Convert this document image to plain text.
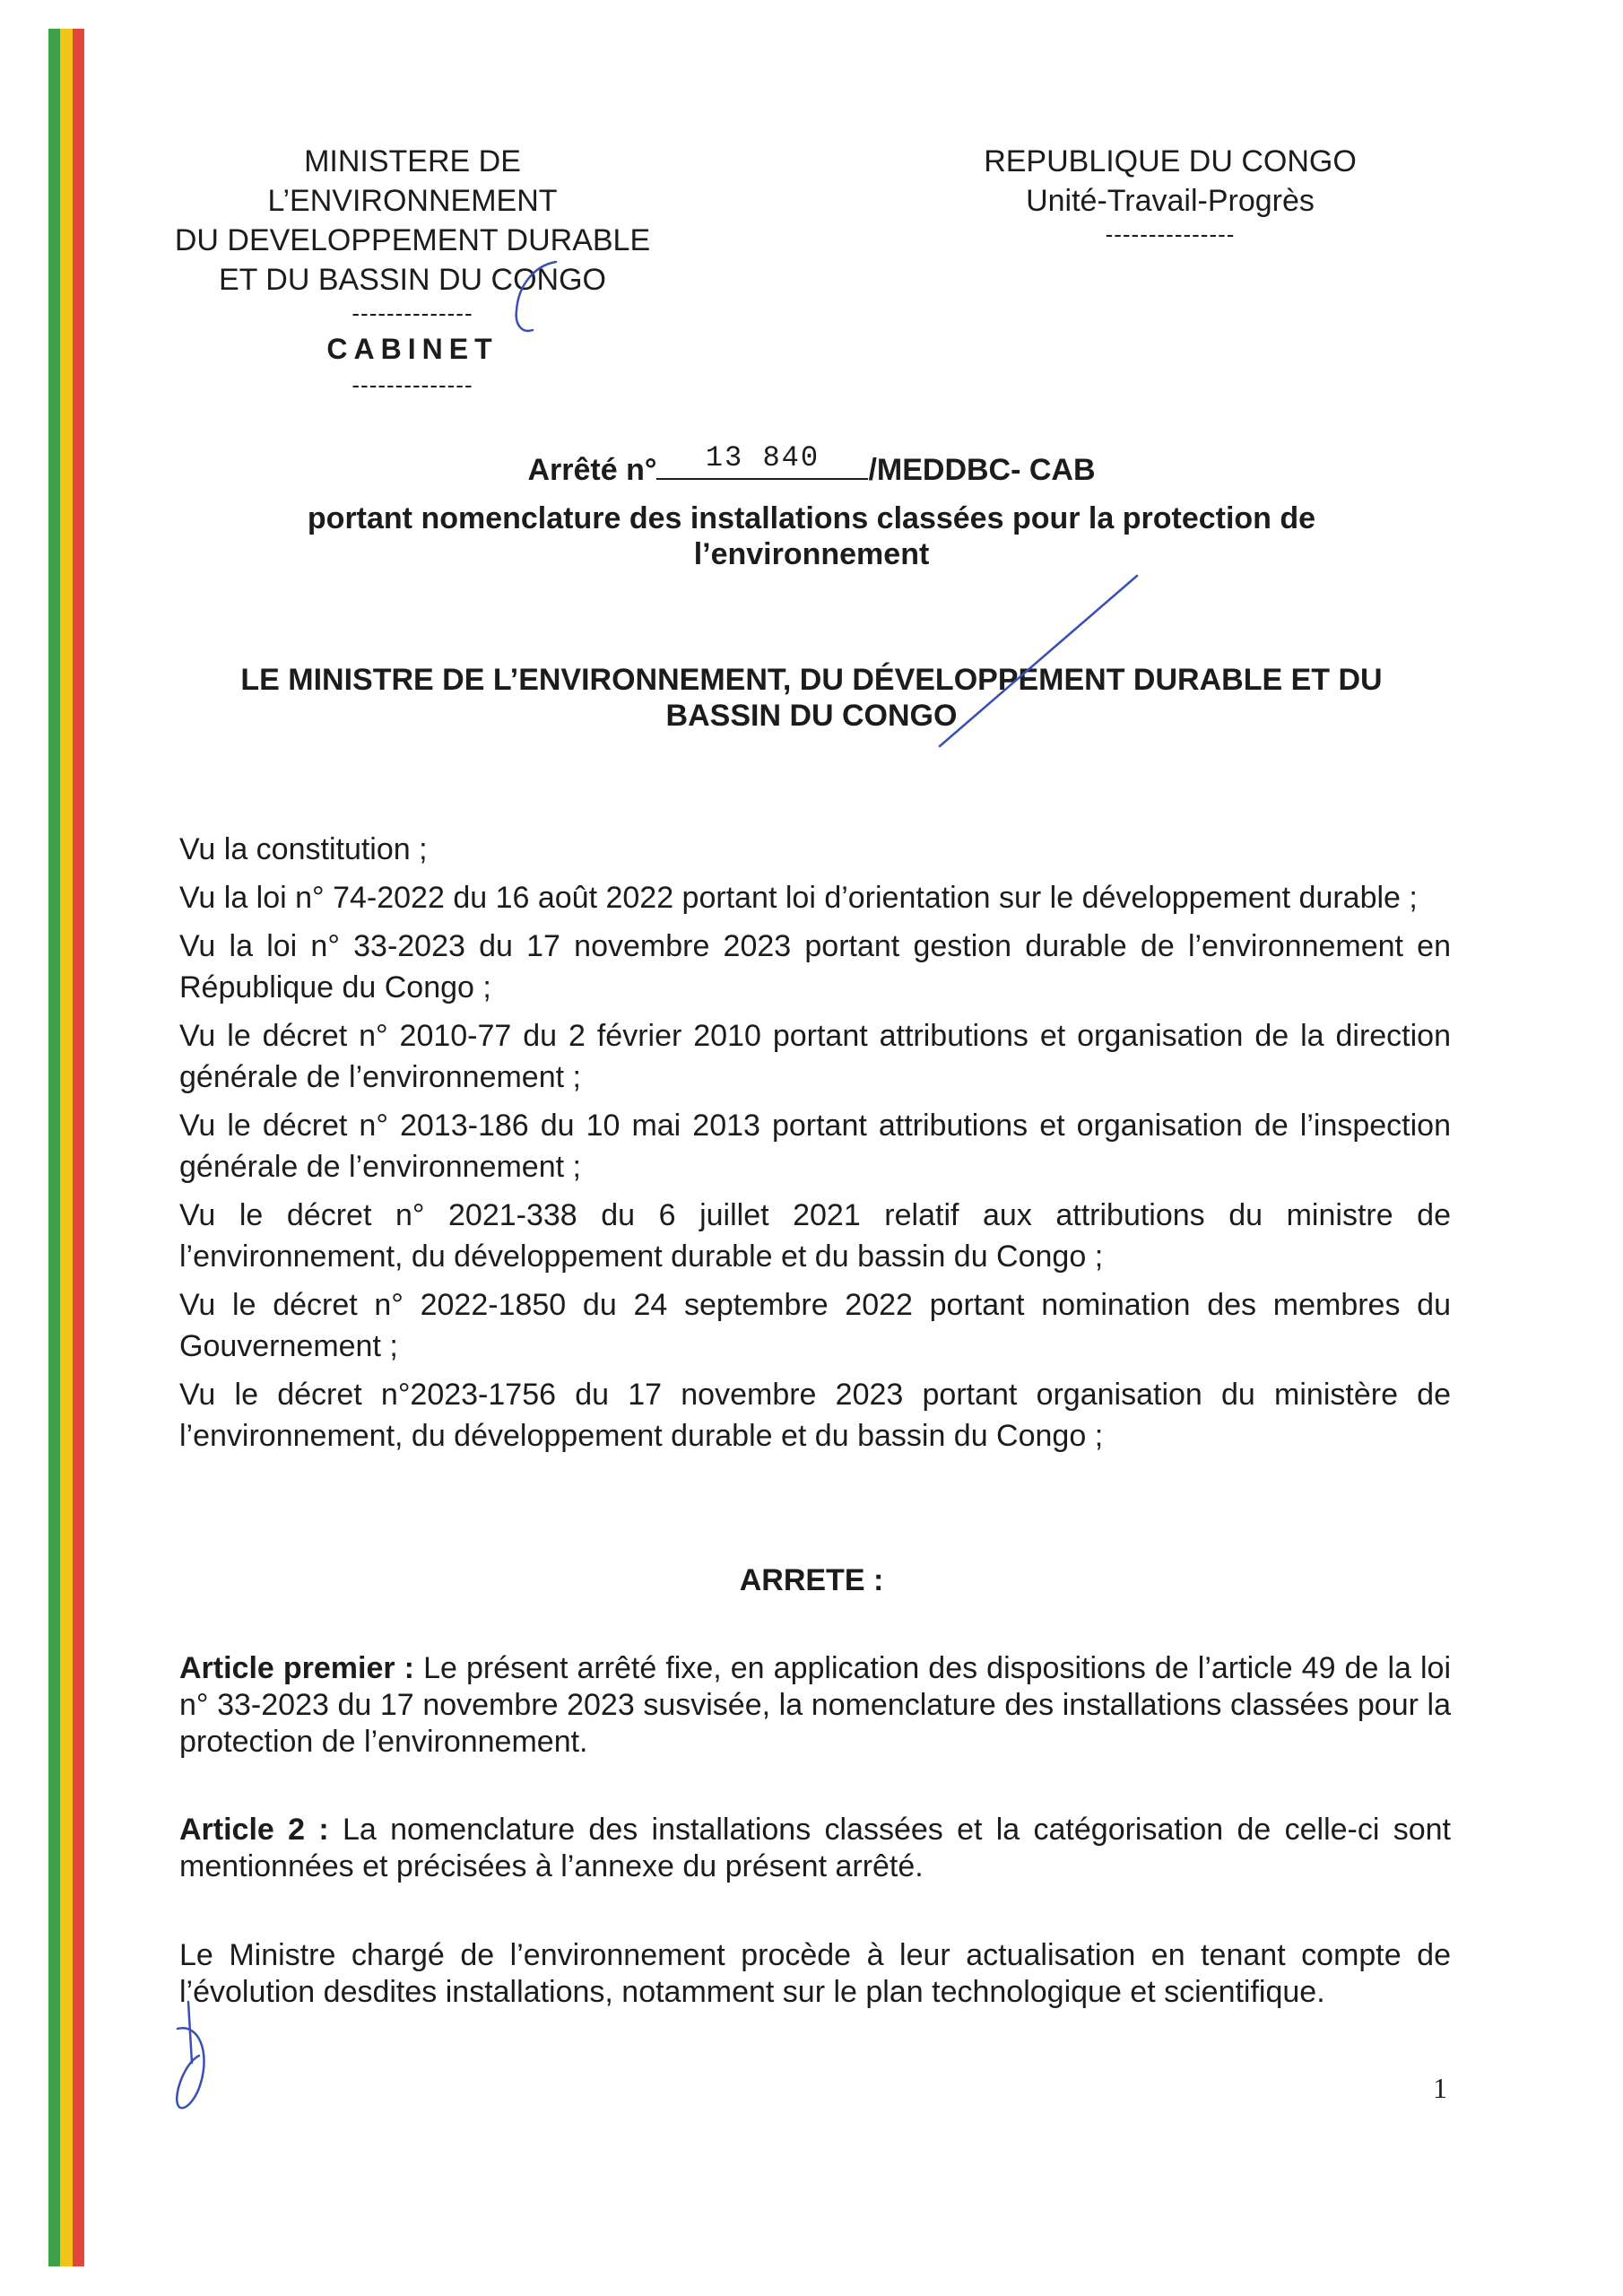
MINISTERE DE L’ENVIRONNEMENT
DU DEVELOPPEMENT DURABLE
ET DU BASSIN DU CONGO
--------------
CABINET
--------------
REPUBLIQUE DU CONGO
Unité-Travail-Progrès
---------------
Arrêté n°	13 840	/MEDDBC- CAB
portant nomenclature des installations classées pour la protection de
l’environnement
LE MINISTRE DE L’ENVIRONNEMENT, DU DÉVELOPPEMENT DURABLE ET DU
BASSIN DU CONGO

Vu la constitution ;

Vu la loi n° 74-2022 du 16 août 2022 portant loi d’orientation sur le développement durable ;

Vu la loi n° 33-2023 du 17 novembre 2023 portant gestion durable de l’environnement en République du Congo ;

Vu le décret n° 2010-77 du 2 février 2010 portant attributions et organisation de la direction générale de l’environnement ;

Vu le décret n° 2013-186 du 10 mai 2013 portant attributions et organisation de l’inspection générale de l’environnement ;

Vu le décret n° 2021-338 du 6 juillet 2021 relatif aux attributions du ministre de l’environnement, du développement durable et du bassin du Congo ;

Vu le décret n° 2022-1850 du 24 septembre 2022 portant nomination des membres du Gouvernement ;

Vu le décret n°2023-1756 du 17 novembre 2023 portant organisation du ministère de l’environnement, du développement durable et du bassin du Congo ;

ARRETE :
Article premier : Le présent arrêté fixe, en application des dispositions de l’article 49 de la loi n° 33-2023 du 17 novembre 2023 susvisée, la nomenclature des installations classées pour la protection de l’environnement.
Article 2 : La nomenclature des installations classées et la catégorisation de celle-ci sont mentionnées et précisées à l’annexe du présent arrêté.
Le Ministre chargé de l’environnement procède à leur actualisation en tenant compte de l’évolution desdites installations, notamment sur le plan technologique et scientifique.
1
